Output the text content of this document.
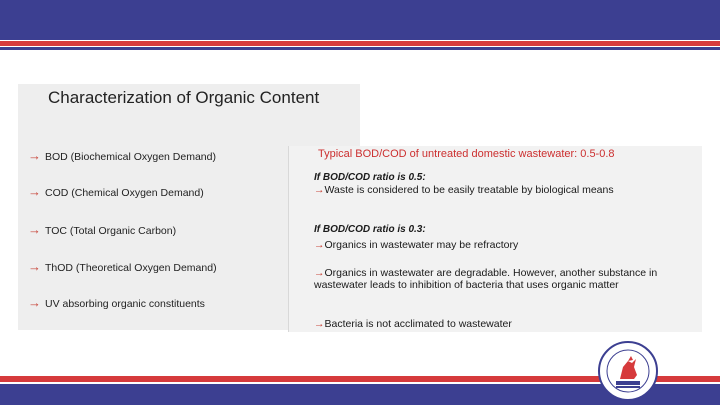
Characterization of Organic Content
→ BOD (Biochemical Oxygen Demand)
→ COD (Chemical Oxygen Demand)
→ TOC (Total Organic Carbon)
→ ThOD (Theoretical Oxygen Demand)
→ UV absorbing organic constituents
Typical BOD/COD of untreated domestic wastewater: 0.5-0.8
If BOD/COD ratio is 0.5:
→Waste is considered to be easily treatable by biological means
If BOD/COD ratio is 0.3:
→Organics in wastewater may be refractory
→Organics in wastewater are degradable. However, another substance in wastewater leads to inhibition of bacteria that uses organic matter
→Bacteria is not acclimated to wastewater
